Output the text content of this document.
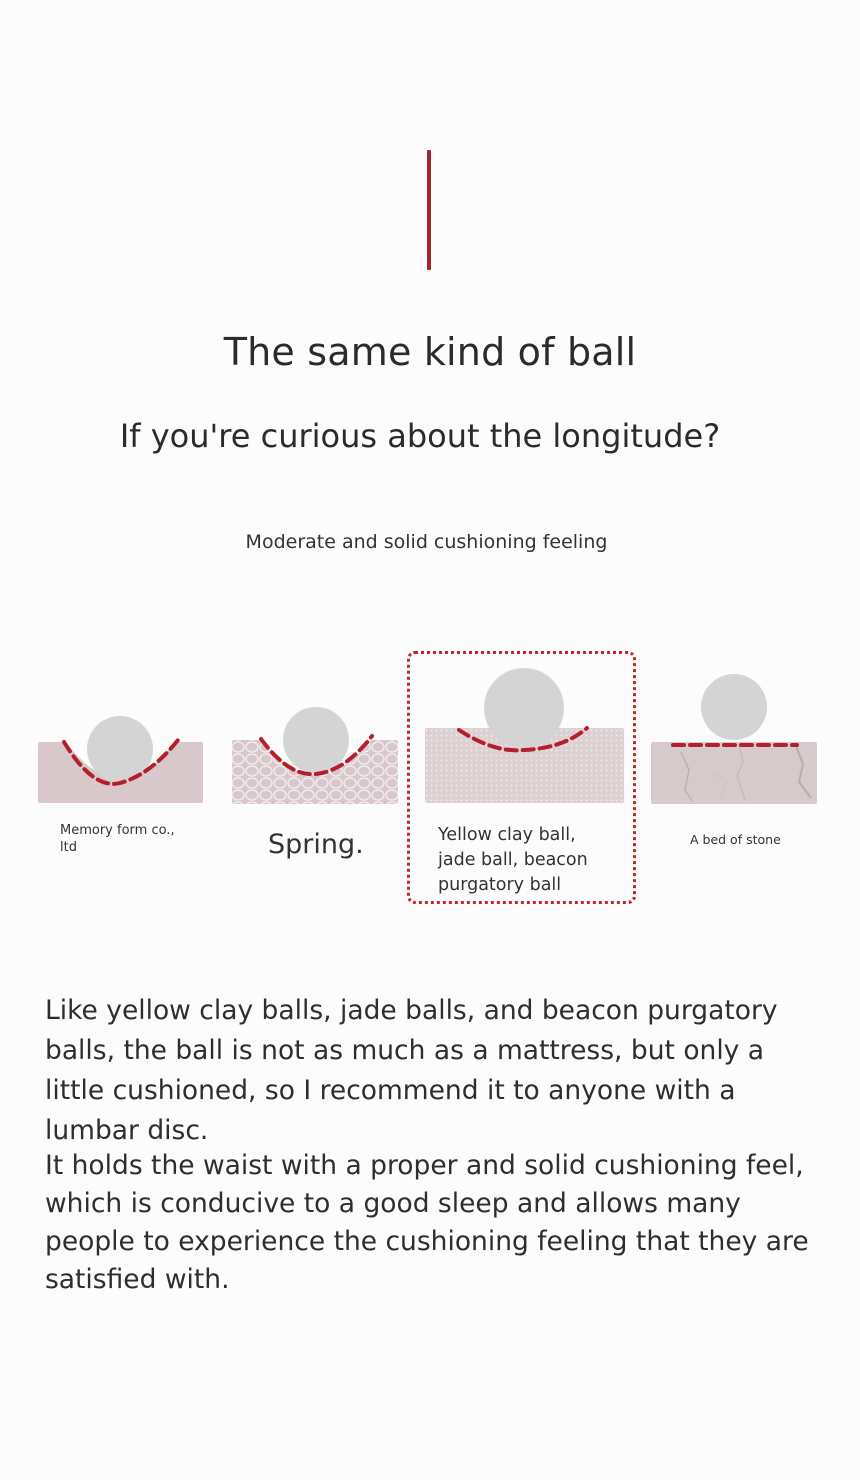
The same kind of ball
If you're curious about the longitude?
Moderate and solid cushioning feeling
Memory form co., ltd	Spring.	Yellow clay ball, jade ball, beacon purgatory ball
A bed of stone

Like yellow clay balls, jade balls, and beacon purgatory balls, the ball is not as much as a mattress, but only a little cushioned, so I recommend it to anyone with a lumbar disc.

It holds the waist with a proper and solid cushioning feel, which is conducive to a good sleep and allows many people to experience the cushioning feeling that they are satisfied with.
